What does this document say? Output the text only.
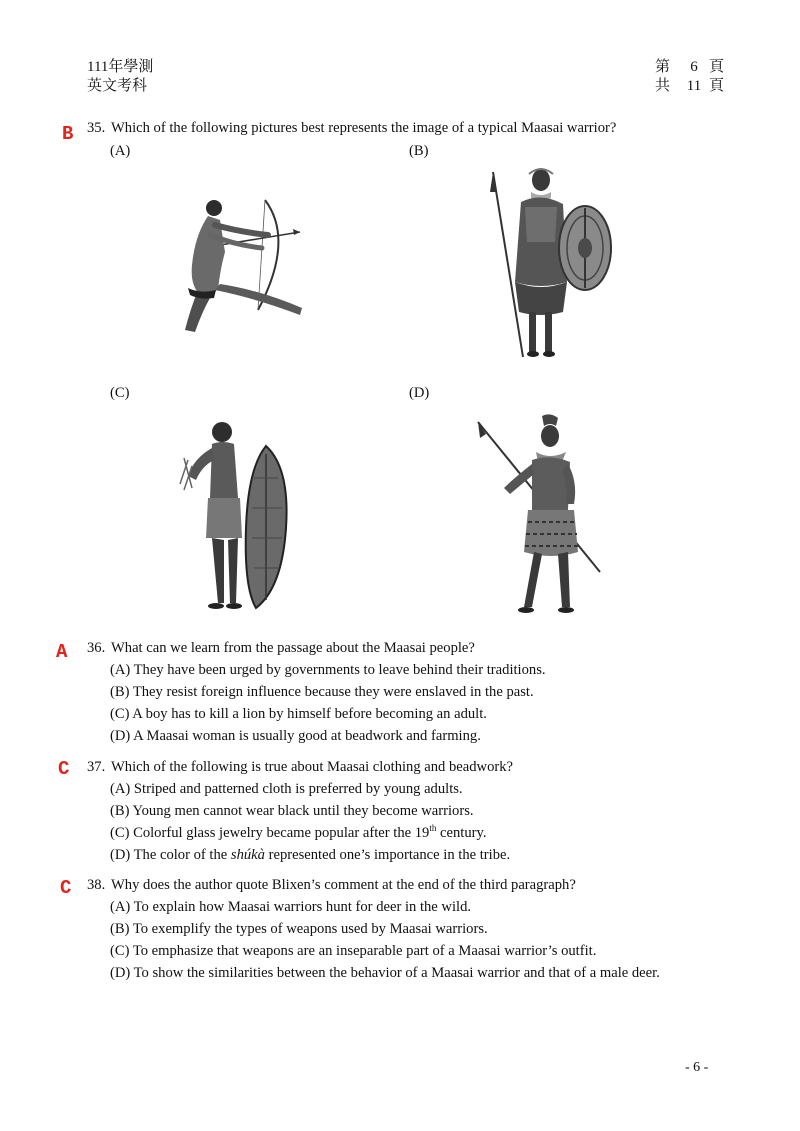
111年學測
英文考科
第	6 頁
共	11 頁
B 35. Which of the following pictures best represents the image of a typical Maasai warrior?
(A)	(B)
(C)	(D)
A 36. What can we learn from the passage about the Maasai people?
(A) They have been urged by governments to leave behind their traditions.
(B) They resist foreign influence because they were enslaved in the past.
(C) A boy has to kill a lion by himself before becoming an adult.
(D) A Maasai woman is usually good at beadwork and farming.
C 37. Which of the following is true about Maasai clothing and beadwork?
(A) Striped and patterned cloth is preferred by young adults.
(B) Young men cannot wear black until they become warriors.
(C) Colorful glass jewelry became popular after the 19th century.
(D) The color of the shúkà represented one’s importance in the tribe.
C 38. Why does the author quote Blixen’s comment at the end of the third paragraph?
(A) To explain how Maasai warriors hunt for deer in the wild.
(B) To exemplify the types of weapons used by Maasai warriors.
(C) To emphasize that weapons are an inseparable part of a Maasai warrior’s outfit.
(D) To show the similarities between the behavior of a Maasai warrior and that of a male deer.
- 6 -
